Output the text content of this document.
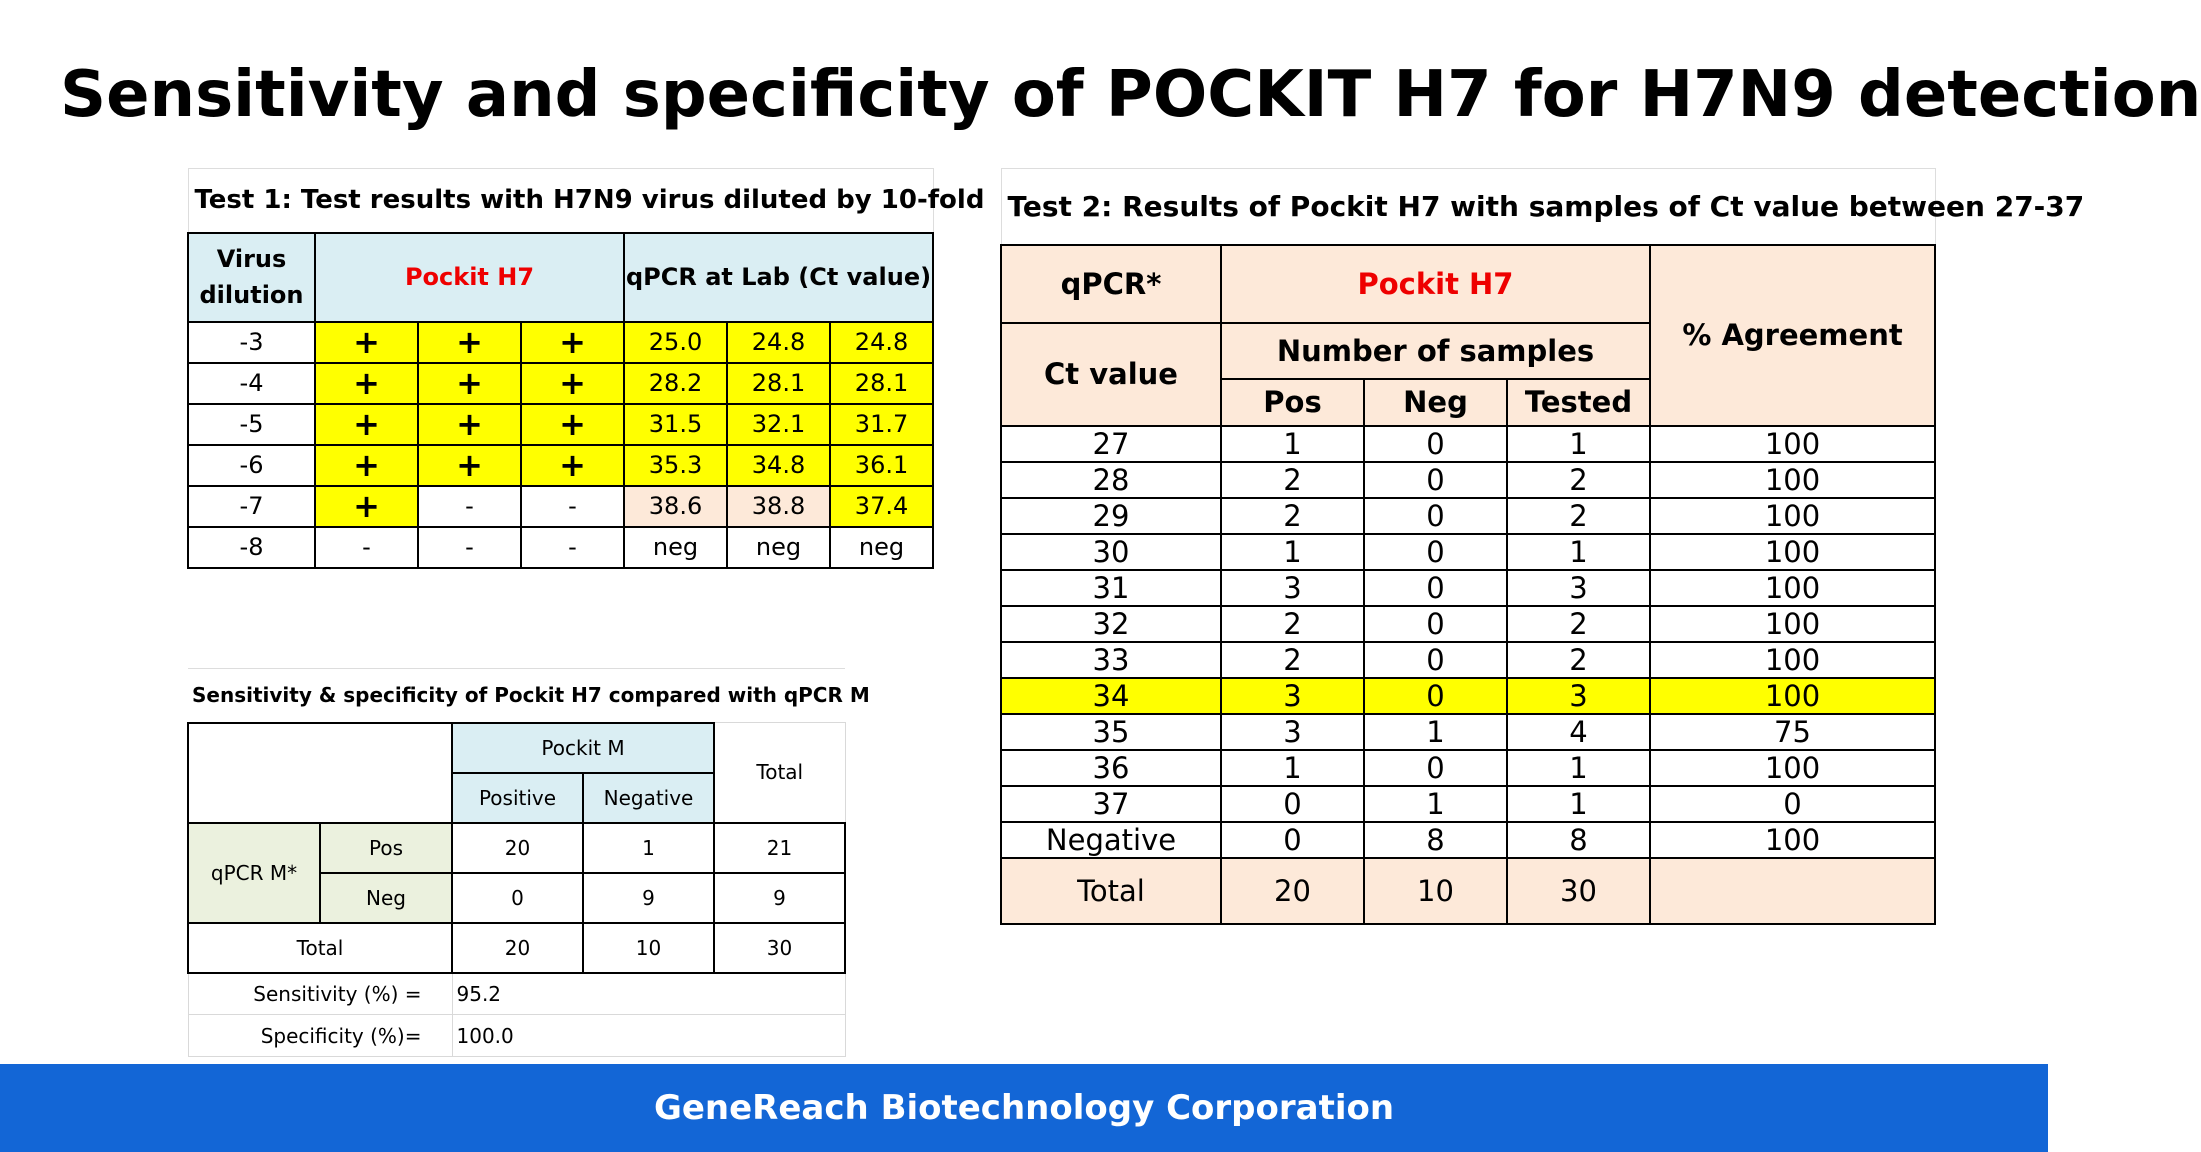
Sensitivity and specificity of POCKIT H7 for H7N9 detection
Test 1: Test results with H7N9 virus diluted by 10-fold						

Virus
dilution	Pockit H7			qPCR at Lab (Ct value)		
-3	+	+	+	25.0	24.8	24.8
-4	+	+	+	28.2	28.1	28.1
-5	+	+	+	31.5	32.1	31.7
-6	+	+	+	35.3	34.8	36.1
-7	+	-	-	38.6	38.8	37.4
-8	-	-	-	neg	neg	neg
Sensitivity & specificity of Pockit H7 compared with qPCR M				
		Pockit M		Total
		Positive	Negative	
qPCR M*	Pos	20	1	21
	Neg	0	9	9
Total		20	10	30
Sensitivity (%) =		95.2		
Specificity (%)=		100.0		
Test 2: Results of Pockit H7 with samples of Ct value between 27-37				
qPCR*	Pockit H7			% Agreement
Ct value	Number of samples			
	Pos	Neg	Tested	
27	1	0	1	100
28	2	0	2	100
29	2	0	2	100
30	1	0	1	100
31	3	0	3	100
32	2	0	2	100
33	2	0	2	100
34	3	0	3	100
35	3	1	4	75
36	1	0	1	100
37	0	1	1	0
Negative	0	8	8	100
Total	20	10	30	
GeneReach Biotechnology Corporation
